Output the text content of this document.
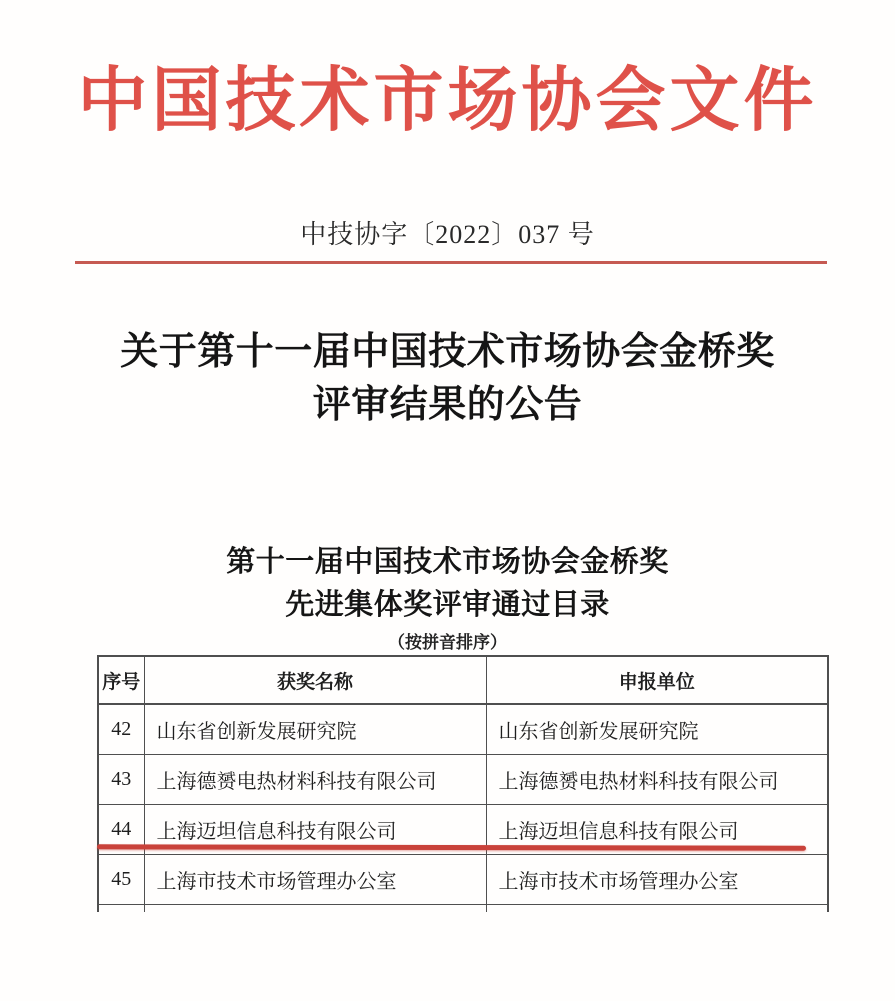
中国技术市场协会文件
中技协字〔2022〕037 号
关于第十一届中国技术市场协会金桥奖
评审结果的公告
第十一届中国技术市场协会金桥奖
先进集体奖评审通过目录
（按拼音排序）
序号	获奖名称	申报单位
42	山东省创新发展研究院	山东省创新发展研究院
43	上海德赟电热材料科技有限公司	上海德赟电热材料科技有限公司
44	上海迈坦信息科技有限公司	上海迈坦信息科技有限公司
45	上海市技术市场管理办公室	上海市技术市场管理办公室
